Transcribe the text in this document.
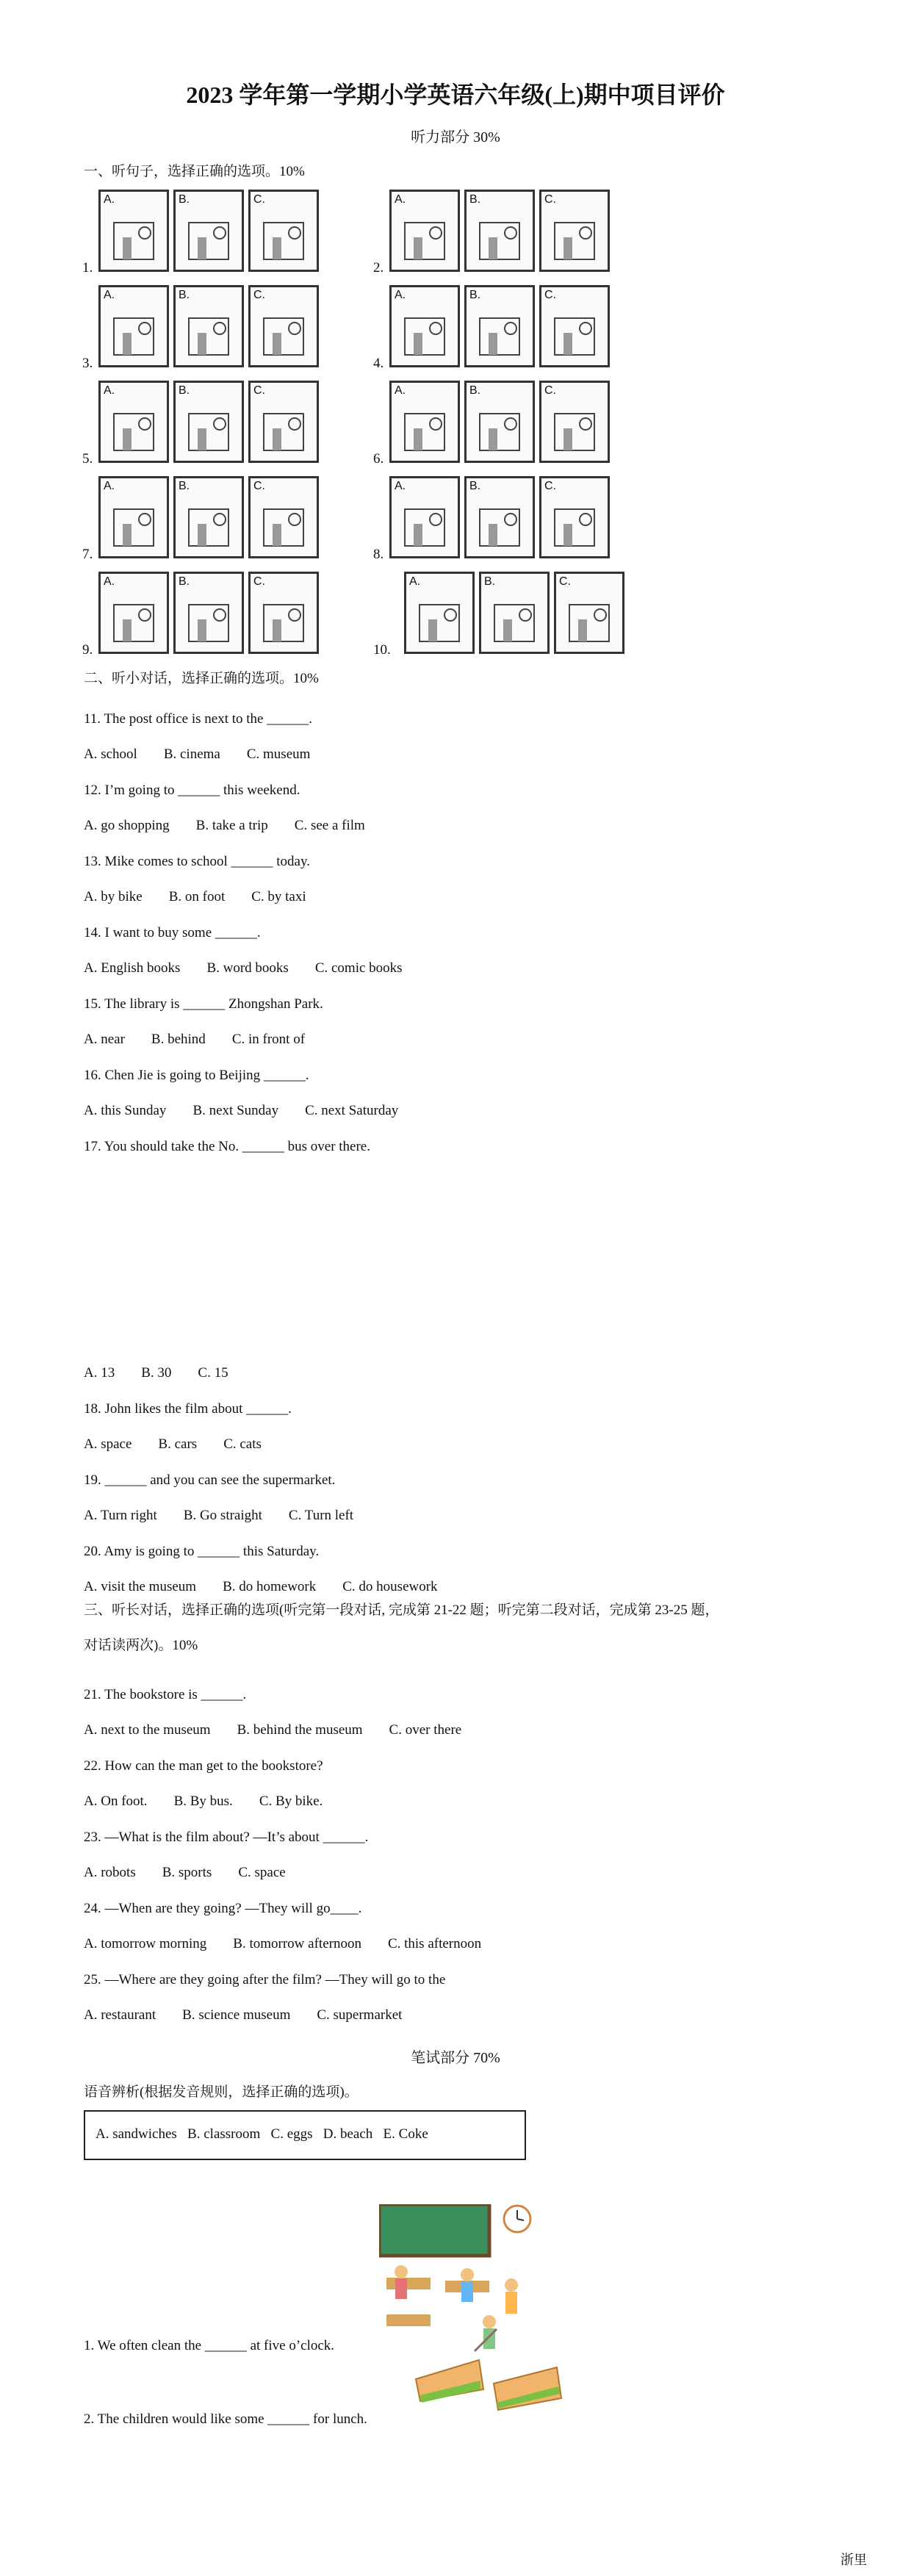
2023 学年第一学期小学英语六年级(上)期中项目评价
听力部分 30%
一、听句子，选择正确的选项。10%
1.
A.	B.	C.
2.
A.	B.	C.
3.
A.	B.	C.
4.
A.	B.	C.
5.
A.	B.	C.
6.
A.	B.	C.
7.
A.	B.	C.
8.
A.	B.	C.
9.
A.	B.	C.
10.
A.	B.	C.
二、听小对话，选择正确的选项。10%
11. The post office is next to the ______.
A. school B. cinema C. museum
12. I’m going to ______ this weekend.
A. go shopping B. take a trip C. see a film
13. Mike comes to school ______ today.
A. by bike B. on foot C. by taxi
14. I want to buy some ______.
A. English books B. word books C. comic books
15. The library is ______ Zhongshan Park.
A. near B. behind C. in front of
16. Chen Jie is going to Beijing ______.
A. this Sunday B. next Sunday C. next Saturday
17. You should take the No. ______ bus over there.
A. 13 B. 30 C. 15
18. John likes the film about ______.
A. space B. cars C. cats
19. ______ and you can see the supermarket.
A. Turn right B. Go straight C. Turn left
20. Amy is going to ______ this Saturday.
A. visit the museum B. do homework C. do housework
三、听长对话，选择正确的选项(听完第一段对话, 完成第 21-22 题；听完第二段对话，完成第 23-25 题，
对话读两次)。10%
21. The bookstore is ______.
A. next to the museum B. behind the museum C. over there
22. How can the man get to the bookstore?
A. On foot. B. By bus. C. By bike.
23. —What is the film about? —It’s about ______.
A. robots B. sports C. space
24. —When are they going? —They will go____.
A. tomorrow morning B. tomorrow afternoon C. this afternoon
25. —Where are they going after the film? —They will go to the
A. restaurant B. science museum C. supermarket
笔试部分 70%
语音辨析(根据发音规则，选择正确的选项)。
A. sandwiches   B. classroom   C. eggs   D. beach   E. Coke
1. We often clean the ______ at five o’clock.
2. The children would like some ______ for lunch.
浙里
